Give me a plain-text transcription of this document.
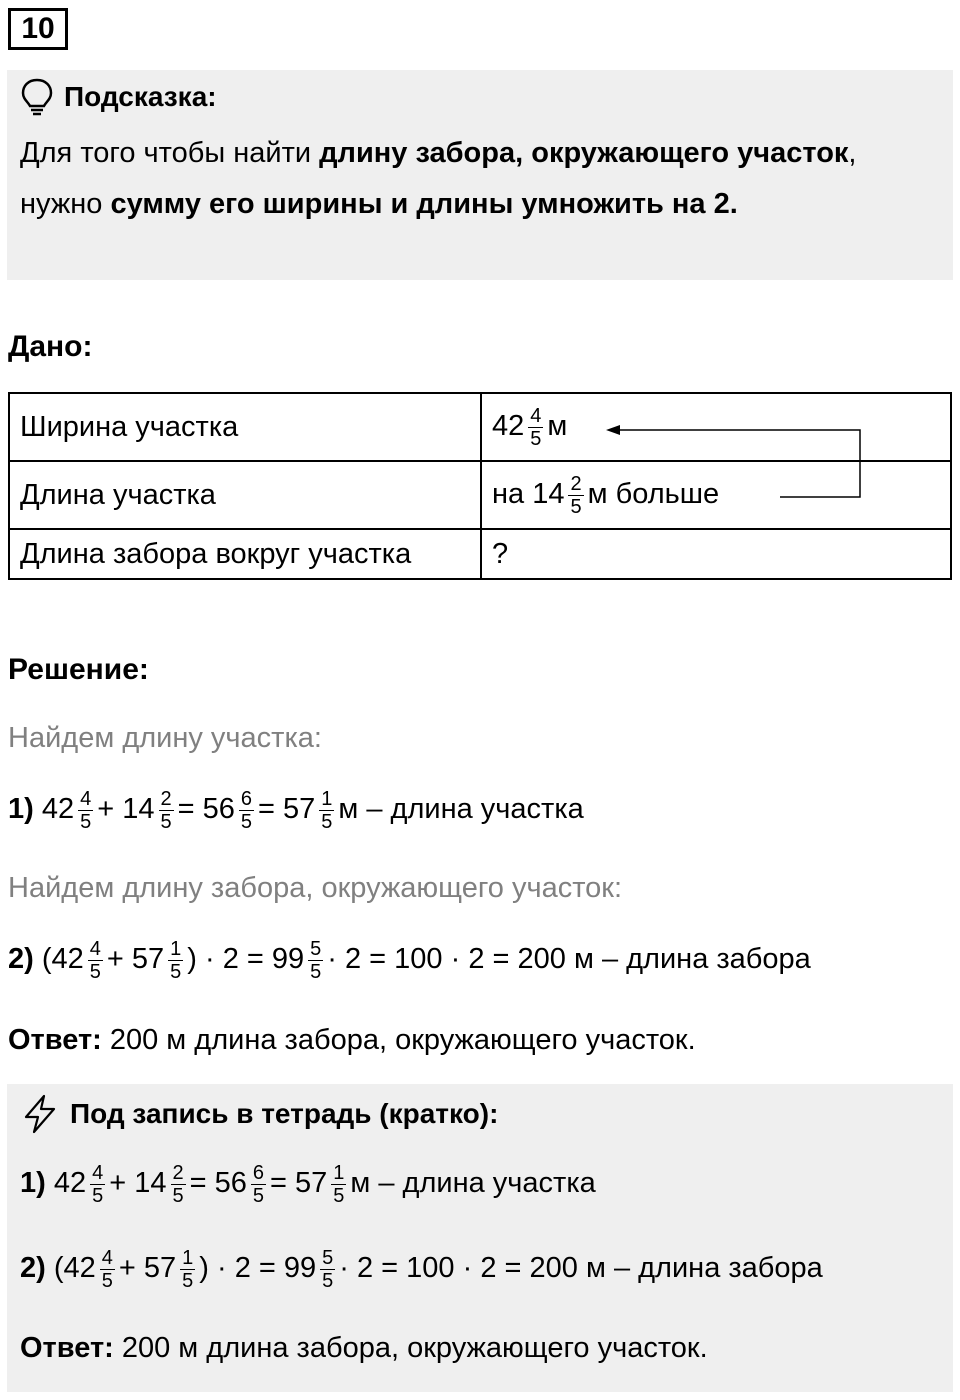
10
Подсказка:
Для того чтобы найти длину забора, окружающего участок, нужно сумму его ширины и длины умножить на 2.
Дано:
Ширина участка	$42 \frac{4}{5}$ м
Длина участка	на $14 \frac{2}{5}$ м больше
Длина забора вокруг участка	?
Решение:
Найдем длину участка:
1) $42 \frac{4}{5} + 14 \frac{2}{5} = 56 \frac{6}{5} = 57 \frac{1}{5}$ м – длина участка
Найдем длину забора, окружающего участок:
2) ($42 \frac{4}{5} + 57 \frac{1}{5}$ ) · $2 = 99 \frac{5}{5} \cdot 2 = 100 \cdot 2 = 200$ м – длина забора
Ответ: 200 м длина забора, окружающего участок.
Под запись в тетрадь (кратко):
1) $42 \frac{4}{5} + 14 \frac{2}{5} = 56 \frac{6}{5} = 57 \frac{1}{5}$ м – длина участка
2) ($42 \frac{4}{5} + 57 \frac{1}{5}$ ) · $2 = 99 \frac{5}{5} \cdot 2 = 100 \cdot 2 = 200$ м – длина забора
Ответ: 200 м длина забора, окружающего участок.
